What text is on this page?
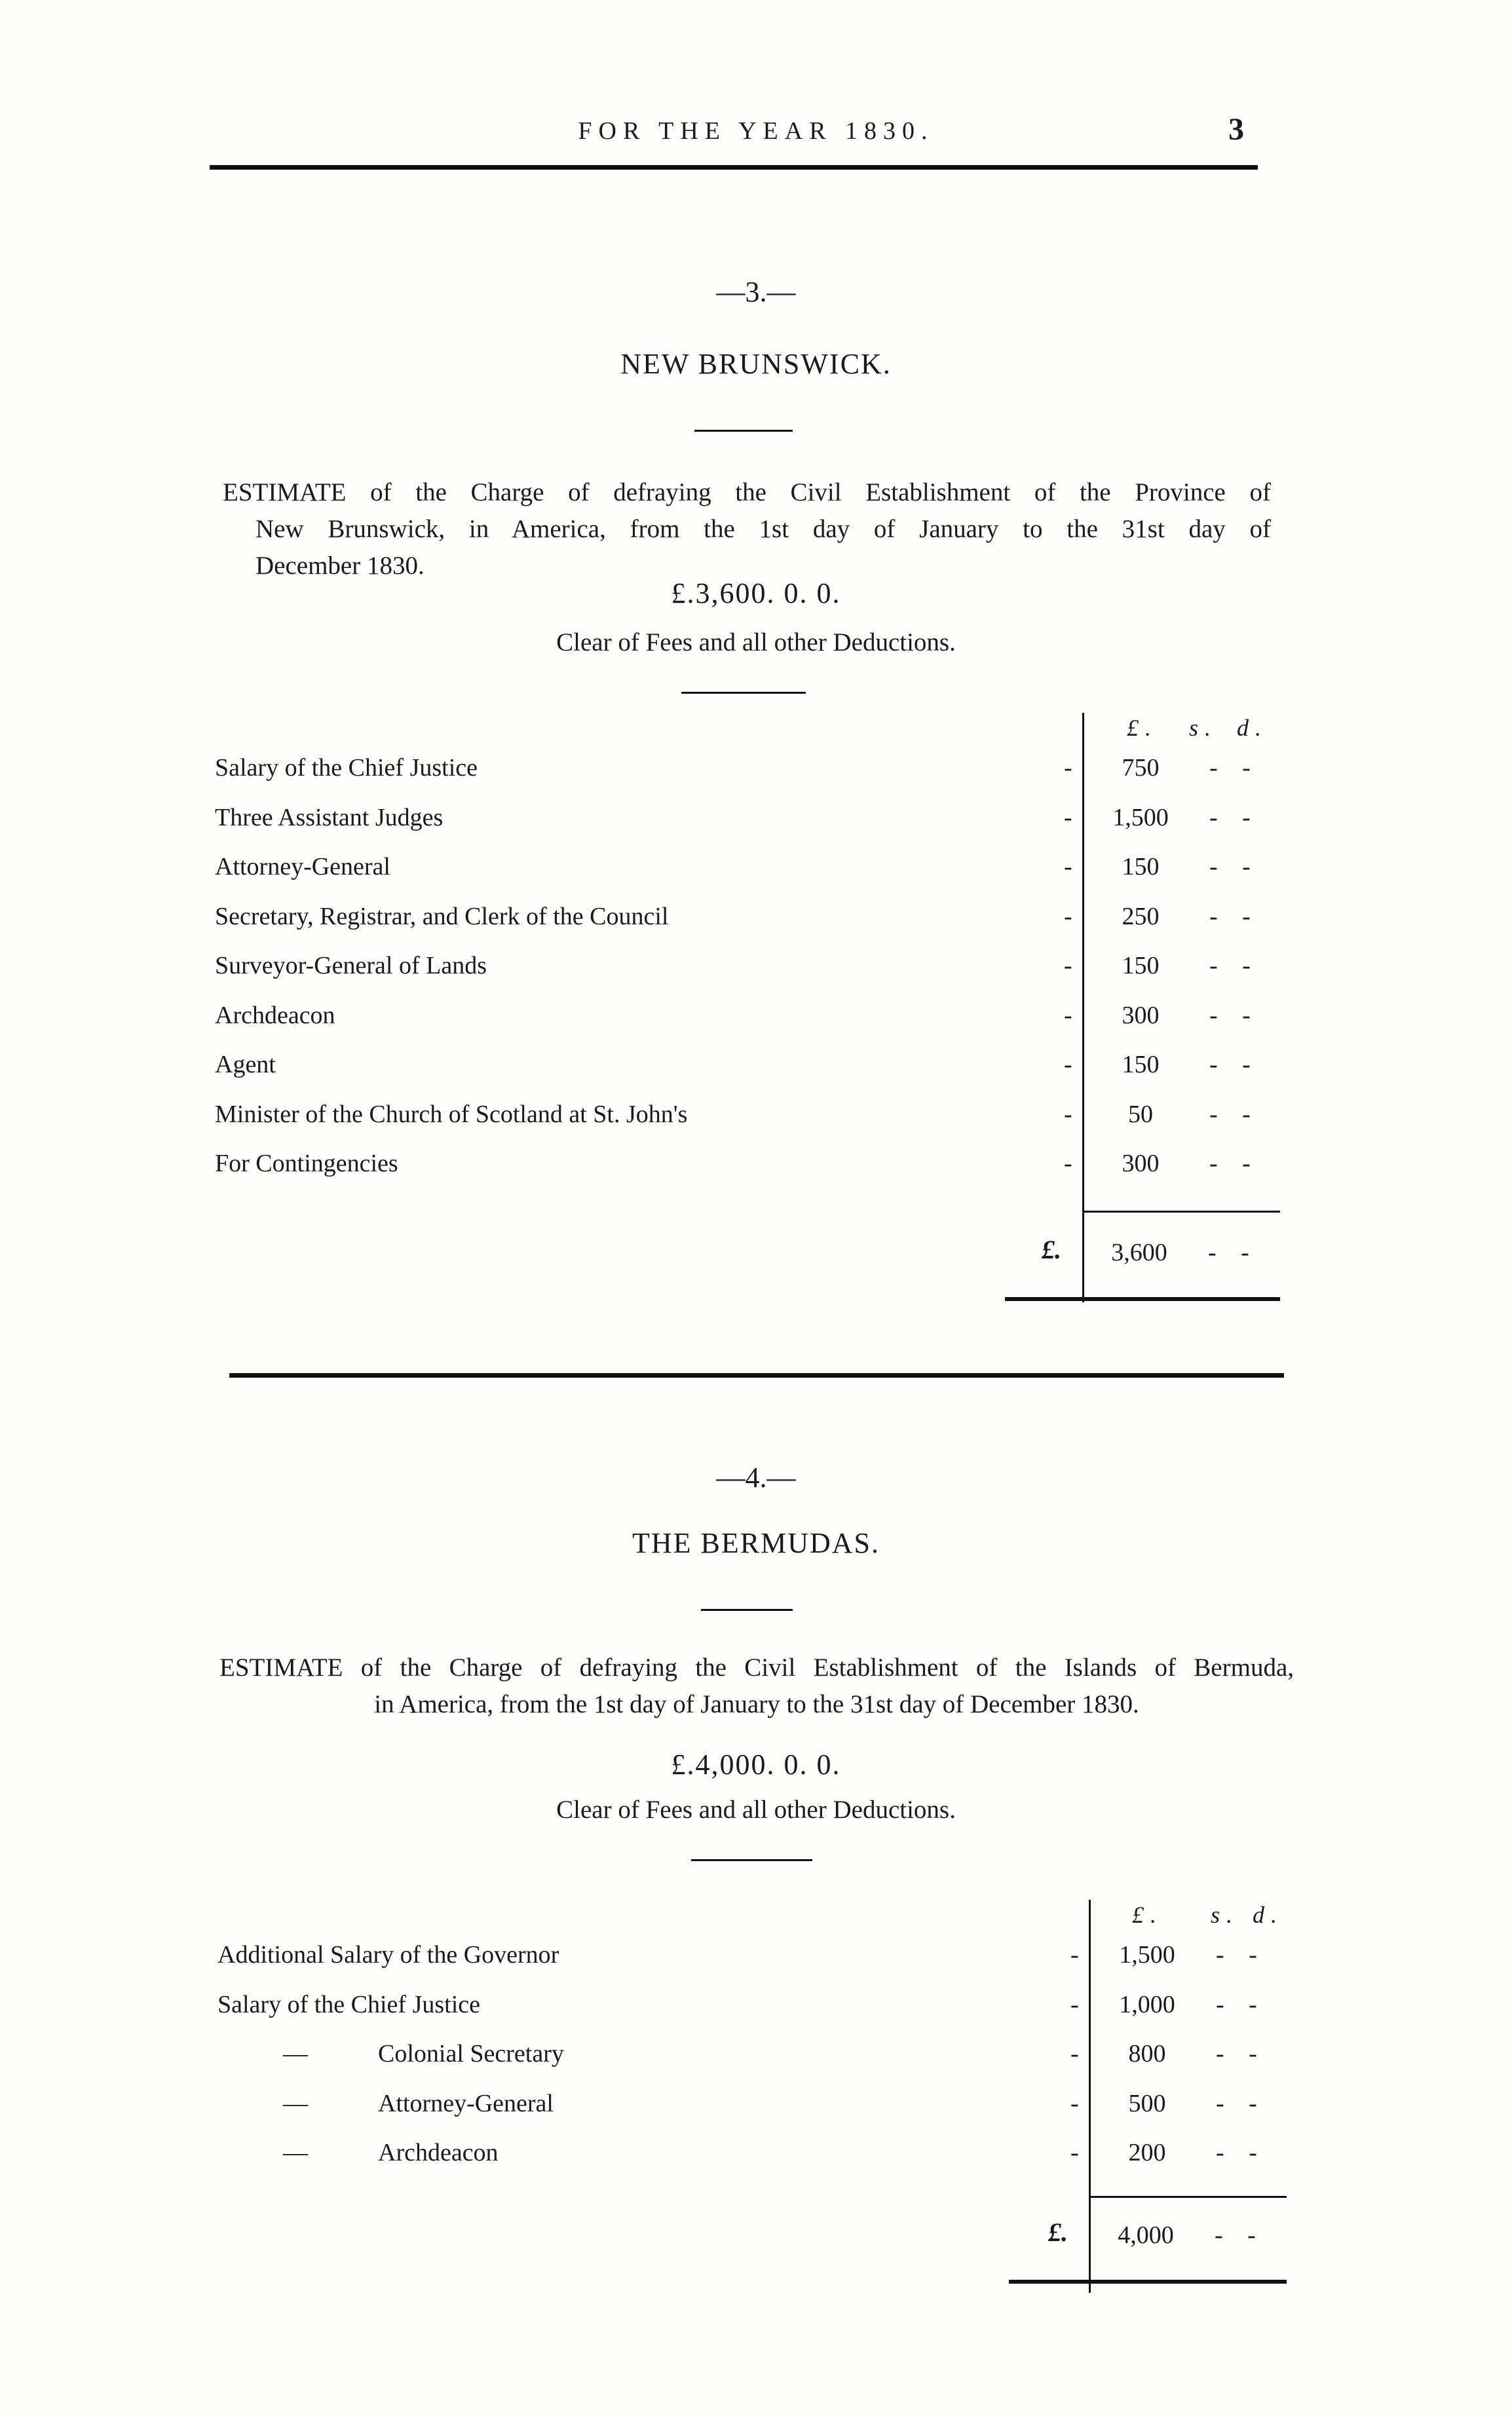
FOR THE YEAR 1830.	3
—3.—
NEW BRUNSWICK.
ESTIMATE of the Charge of defraying the Civil Establishment of the Province of
New Brunswick, in America, from the 1st day of January to the 31st day of
December 1830.
£.3,600. 0. 0.
Clear of Fees and all other Deductions.
£. s. d.
Salary of the Chief Justice	-	750	- -
Three Assistant Judges	-	1,500	- -
Attorney-General	-	150	- -
Secretary, Registrar, and Clerk of the Council	-	250	- -
Surveyor-General of Lands	-	150	- -
Archdeacon	-	300	- -
Agent	-	150	- -
Minister of the Church of Scotland at St. John's	-	50	- -
For Contingencies	-	300	- -
£.	3,600	- -
—4.—
THE BERMUDAS.
ESTIMATE of the Charge of defraying the Civil Establishment of the Islands of Bermuda,
in America, from the 1st day of January to the 31st day of December 1830.
£.4,000. 0. 0.
Clear of Fees and all other Deductions.
£. s. d.
Additional Salary of the Governor	-	1,500	- -
Salary of the Chief Justice	-	1,000	- -
—	Colonial Secretary	-	800	- -
—	Attorney-General	-	500	- -
—	Archdeacon	-	200	- -
£.	4,000	- -
